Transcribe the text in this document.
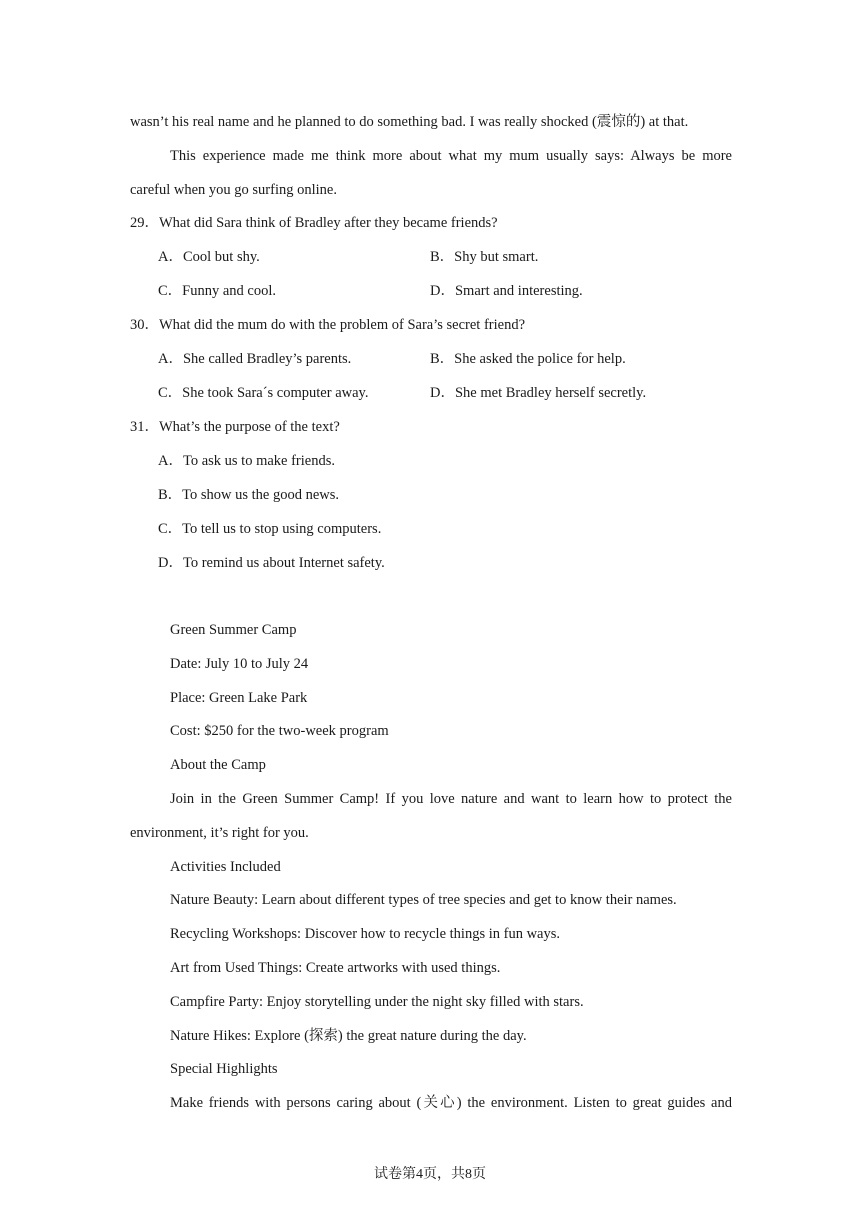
wasn’t his real name and he planned to do something bad. I was really shocked (震惊的) at that.
This experience made me think more about what my mum usually says: Always be more
careful when you go surfing online.
29．What did Sara think of Bradley after they became friends?
A．Cool but shy.	B．Shy but smart.
C．Funny and cool.	D．Smart and interesting.
30．What did the mum do with the problem of Sara’s secret friend?
A．She called Bradley’s parents.	B．She asked the police for help.
C．She took Sara´s computer away.	D．She met Bradley herself secretly.
31．What’s the purpose of the text?
A．To ask us to make friends.
B．To show us the good news.
C．To tell us to stop using computers.
D．To remind us about Internet safety.
Green Summer Camp
Date: July 10 to July 24
Place: Green Lake Park
Cost: $250 for the two-week program
About the Camp
Join in the Green Summer Camp! If you love nature and want to learn how to protect the
environment, it’s right for you.
Activities Included
Nature Beauty: Learn about different types of tree species and get to know their names.
Recycling Workshops: Discover how to recycle things in fun ways.
Art from Used Things: Create artworks with used things.
Campfire Party: Enjoy storytelling under the night sky filled with stars.
Nature Hikes: Explore (探索) the great nature during the day.
Special Highlights
Make friends with persons caring about (关心) the environment. Listen to great guides and
试卷第4页，共8页
